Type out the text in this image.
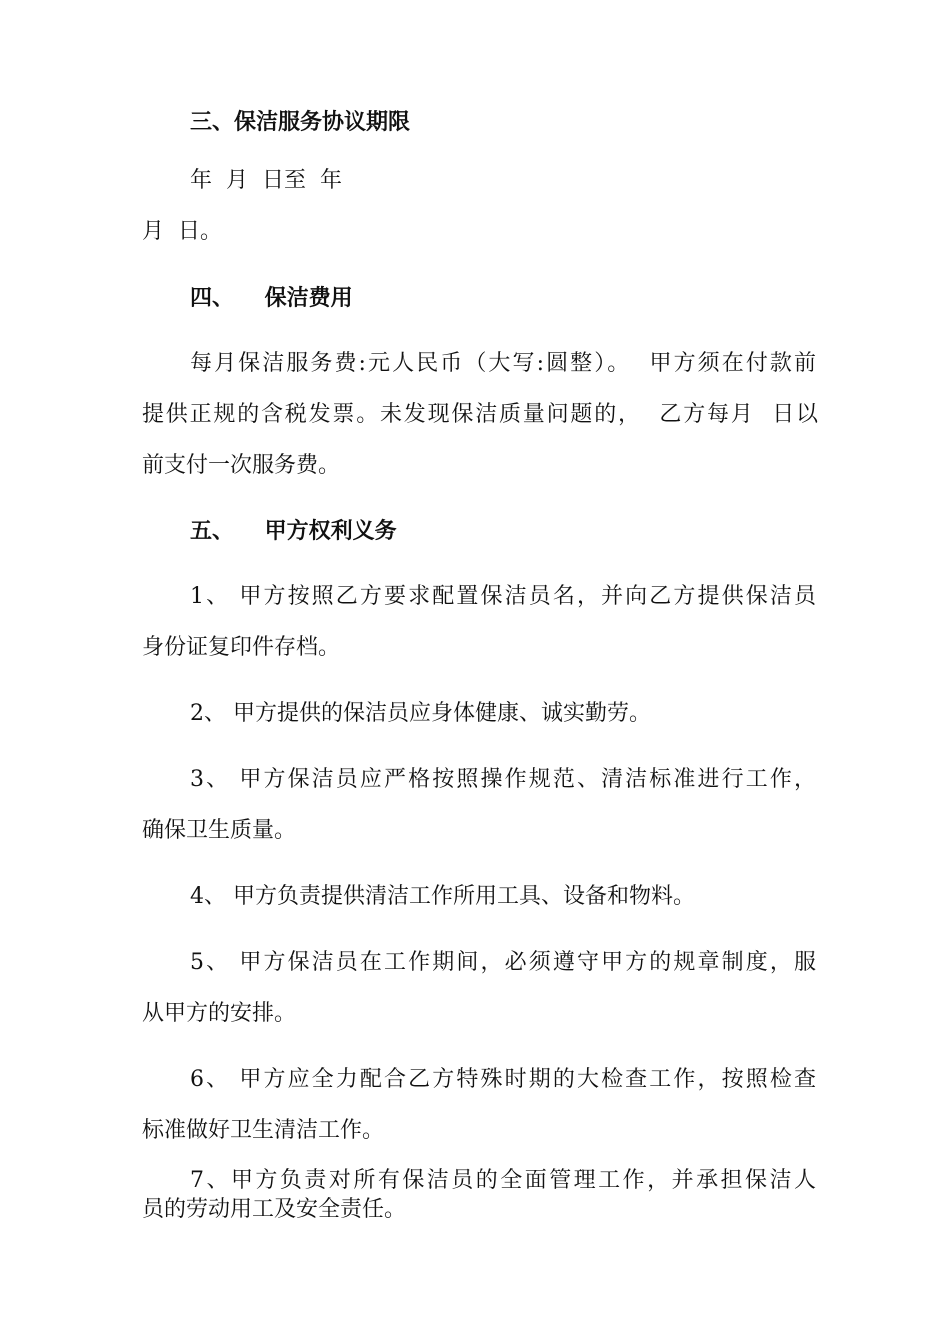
三、保洁服务协议期限
年  月  日至  年
月  日。
四、    保洁费用
每月保洁服务费:元人民币（大写:圆整）。  甲方须在付款前
提供正规的含税发票。未发现保洁质量问题的，  乙方每月  日以
前支付一次服务费。
五、    甲方权利义务
1、 甲方按照乙方要求配置保洁员名，并向乙方提供保洁员
身份证复印件存档。
2、 甲方提供的保洁员应身体健康、诚实勤劳。
3、 甲方保洁员应严格按照操作规范、清洁标准进行工作，
确保卫生质量。
4、 甲方负责提供清洁工作所用工具、设备和物料。
5、 甲方保洁员在工作期间，必须遵守甲方的规章制度，服
从甲方的安排。
6、 甲方应全力配合乙方特殊时期的大检查工作，按照检查
标准做好卫生清洁工作。
7、甲方负责对所有保洁员的全面管理工作，并承担保洁人
员的劳动用工及安全责任。
